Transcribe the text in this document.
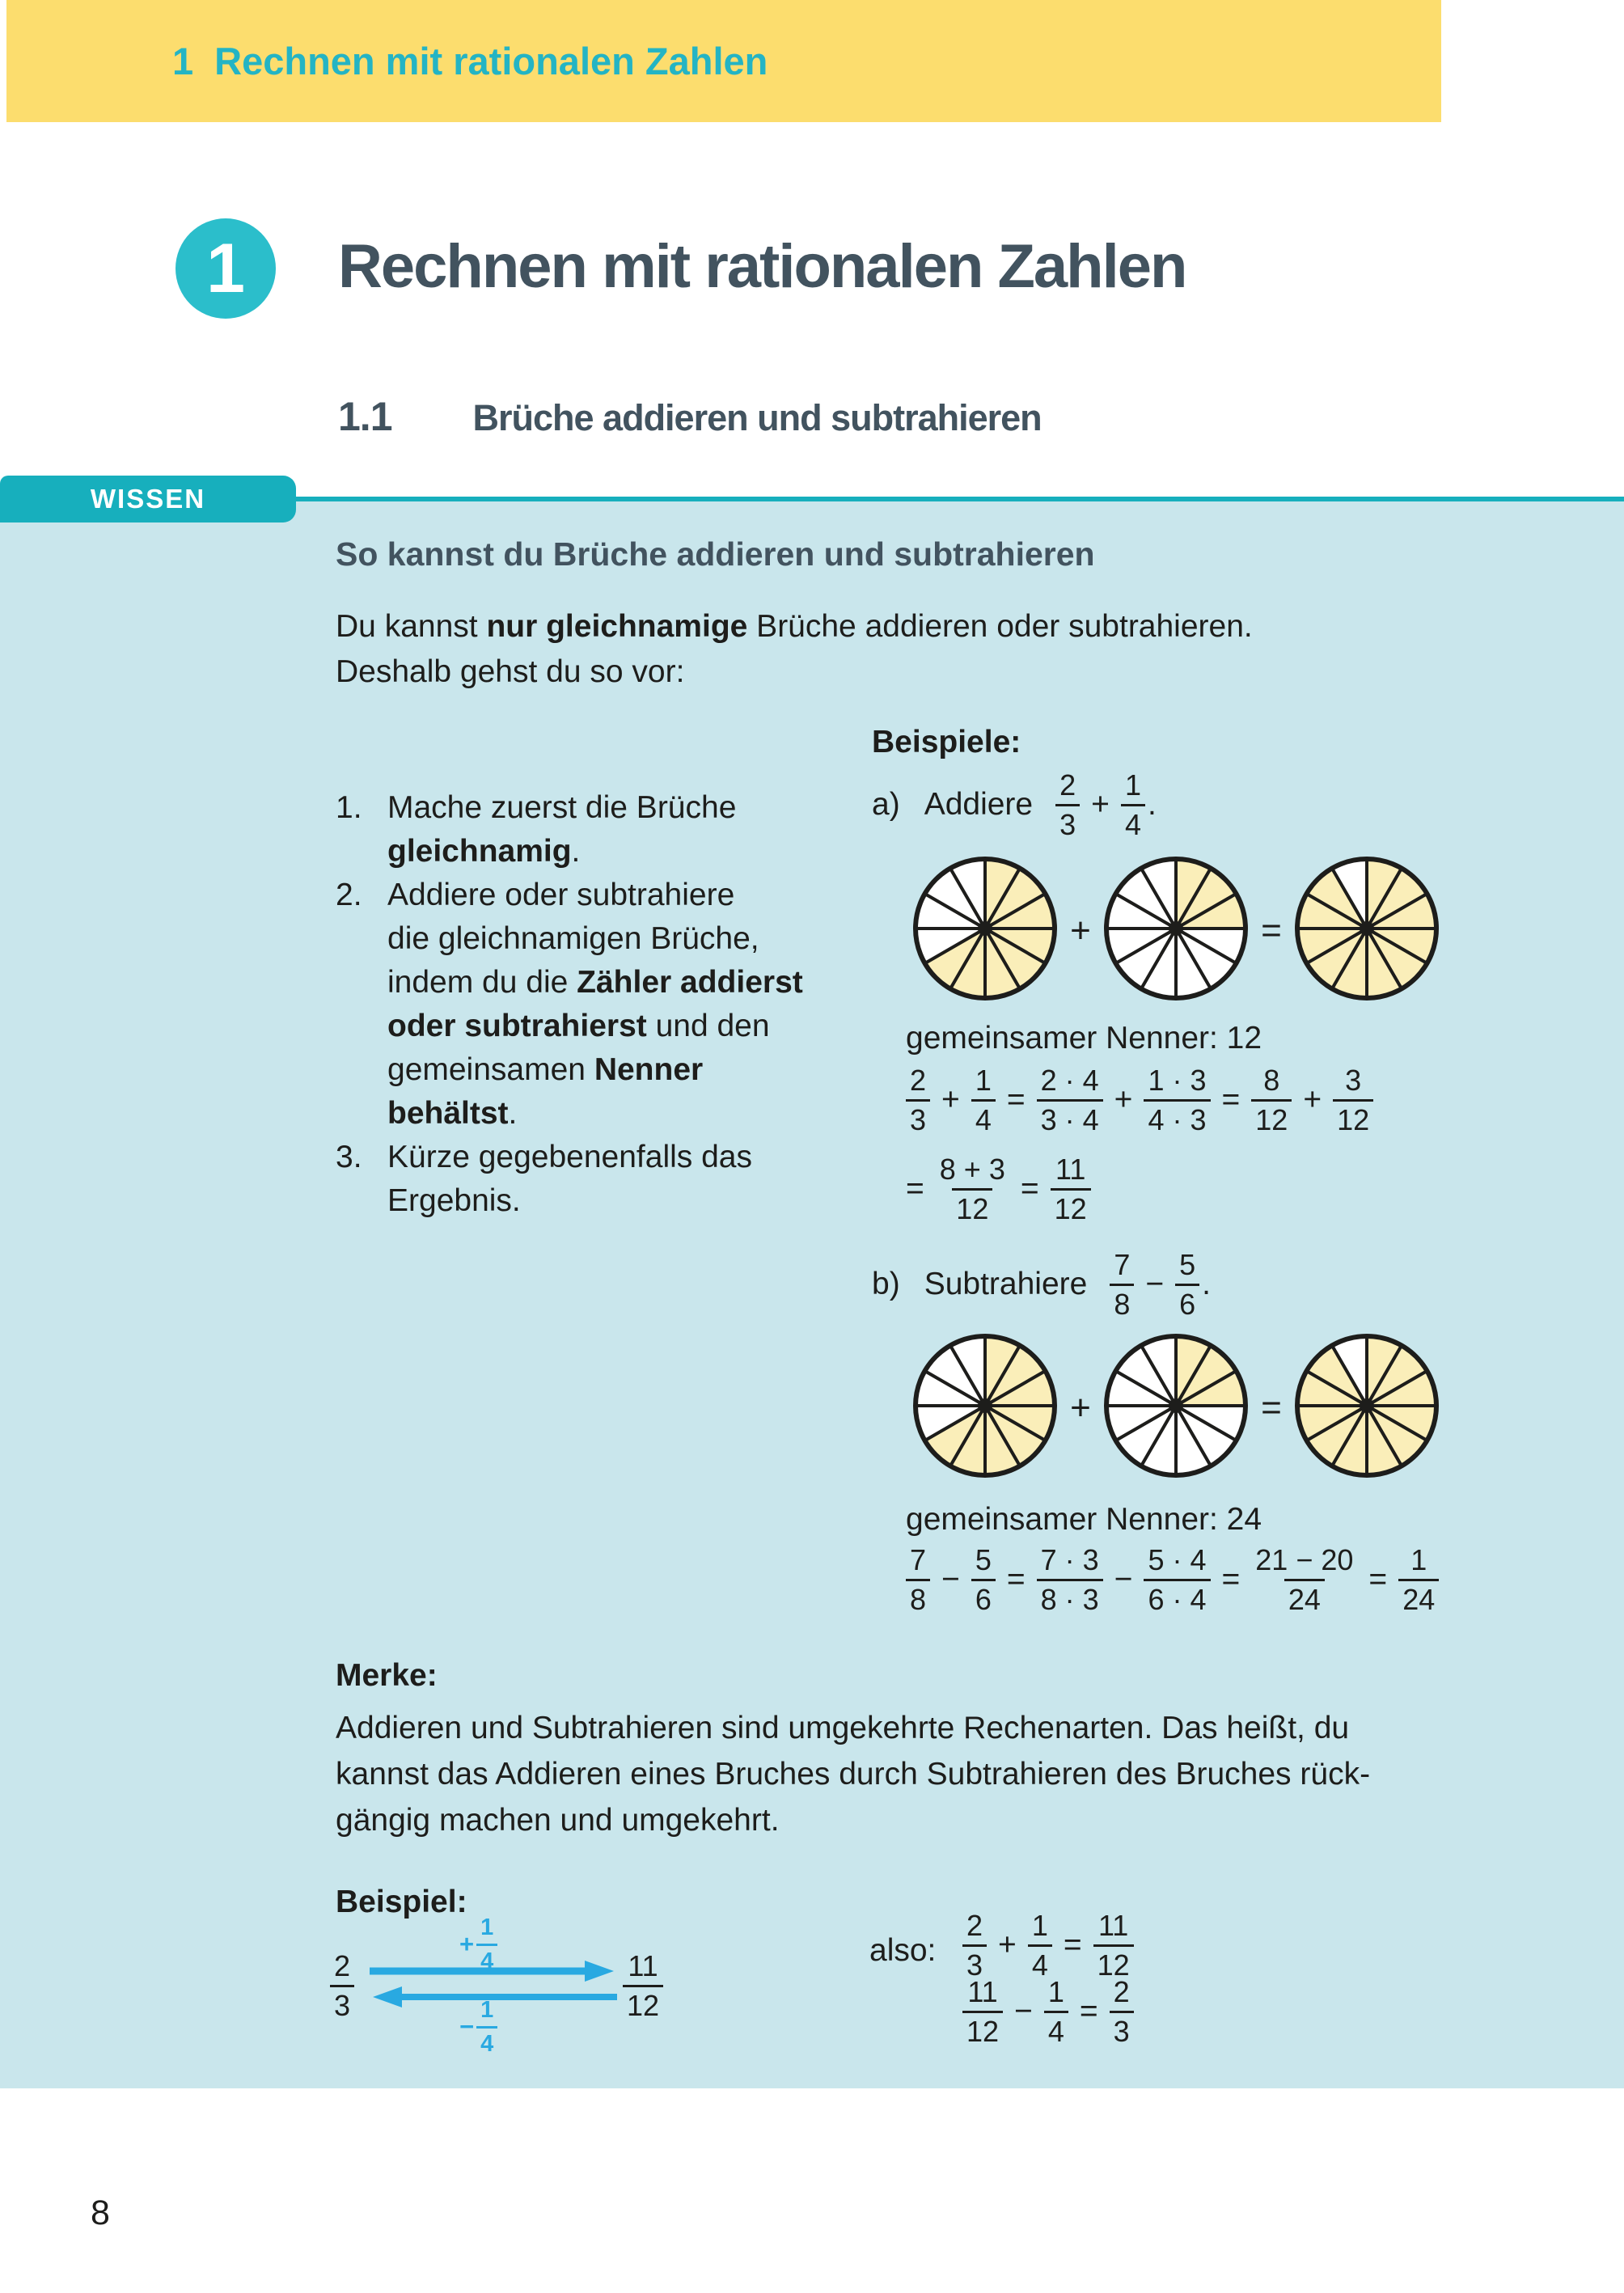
1 Rechnen mit rationalen Zahlen
1 Rechnen mit rationalen Zahlen
1.1 Brüche addieren und subtrahieren
WISSEN
So kannst du Brüche addieren und subtrahieren
Du kannst nur gleichnamige Brüche addieren oder subtrahieren.
Deshalb gehst du so vor:
Beispiele:
1. Mache zuerst die Brüche
gleichnamig.
2. Addiere oder subtrahiere
die gleichnamigen Brüche,
indem du die Zähler addierst
oder subtrahierst und den
gemeinsamen Nenner
behältst.
3. Kürze gegebenenfalls das
Ergebnis.
a) Addiere $\frac{2}{3} + \frac{1}{4}$ .
+	=
gemeinsamer Nenner: 12
$\frac{2}{3} + \frac{1}{4} = \frac{2 \cdot 4}{3 \cdot 4} + \frac{1 \cdot 3}{4 \cdot 3} = \frac{8}{12} + \frac{3}{12}$
= $\frac{8 + 3}{12} = \frac{11}{12}$
b) Subtrahiere $\frac{7}{8} - \frac{5}{6}$ .
+	=
gemeinsamer Nenner: 24
$\frac{7}{8} - \frac{5}{6} = \frac{7 \cdot 3}{8 \cdot 3} - \frac{5 \cdot 4}{6 \cdot 4} = \frac{21 - 20}{24} = \frac{1}{24}$
Merke:
Addieren und Subtrahieren sind umgekehrte Rechenarten. Das heißt, du
kannst das Addieren eines Bruches durch Subtrahieren des Bruches rück-
gängig machen und umgekehrt.
Beispiel:
$\frac{2}{3}$
+ $\frac{1}{4}$
− $\frac{1}{4}$
$\frac{11}{12}$
also: $\frac{2}{3} + \frac{1}{4} = \frac{11}{12}$
$\frac{11}{12} - \frac{1}{4} = \frac{2}{3}$
8
